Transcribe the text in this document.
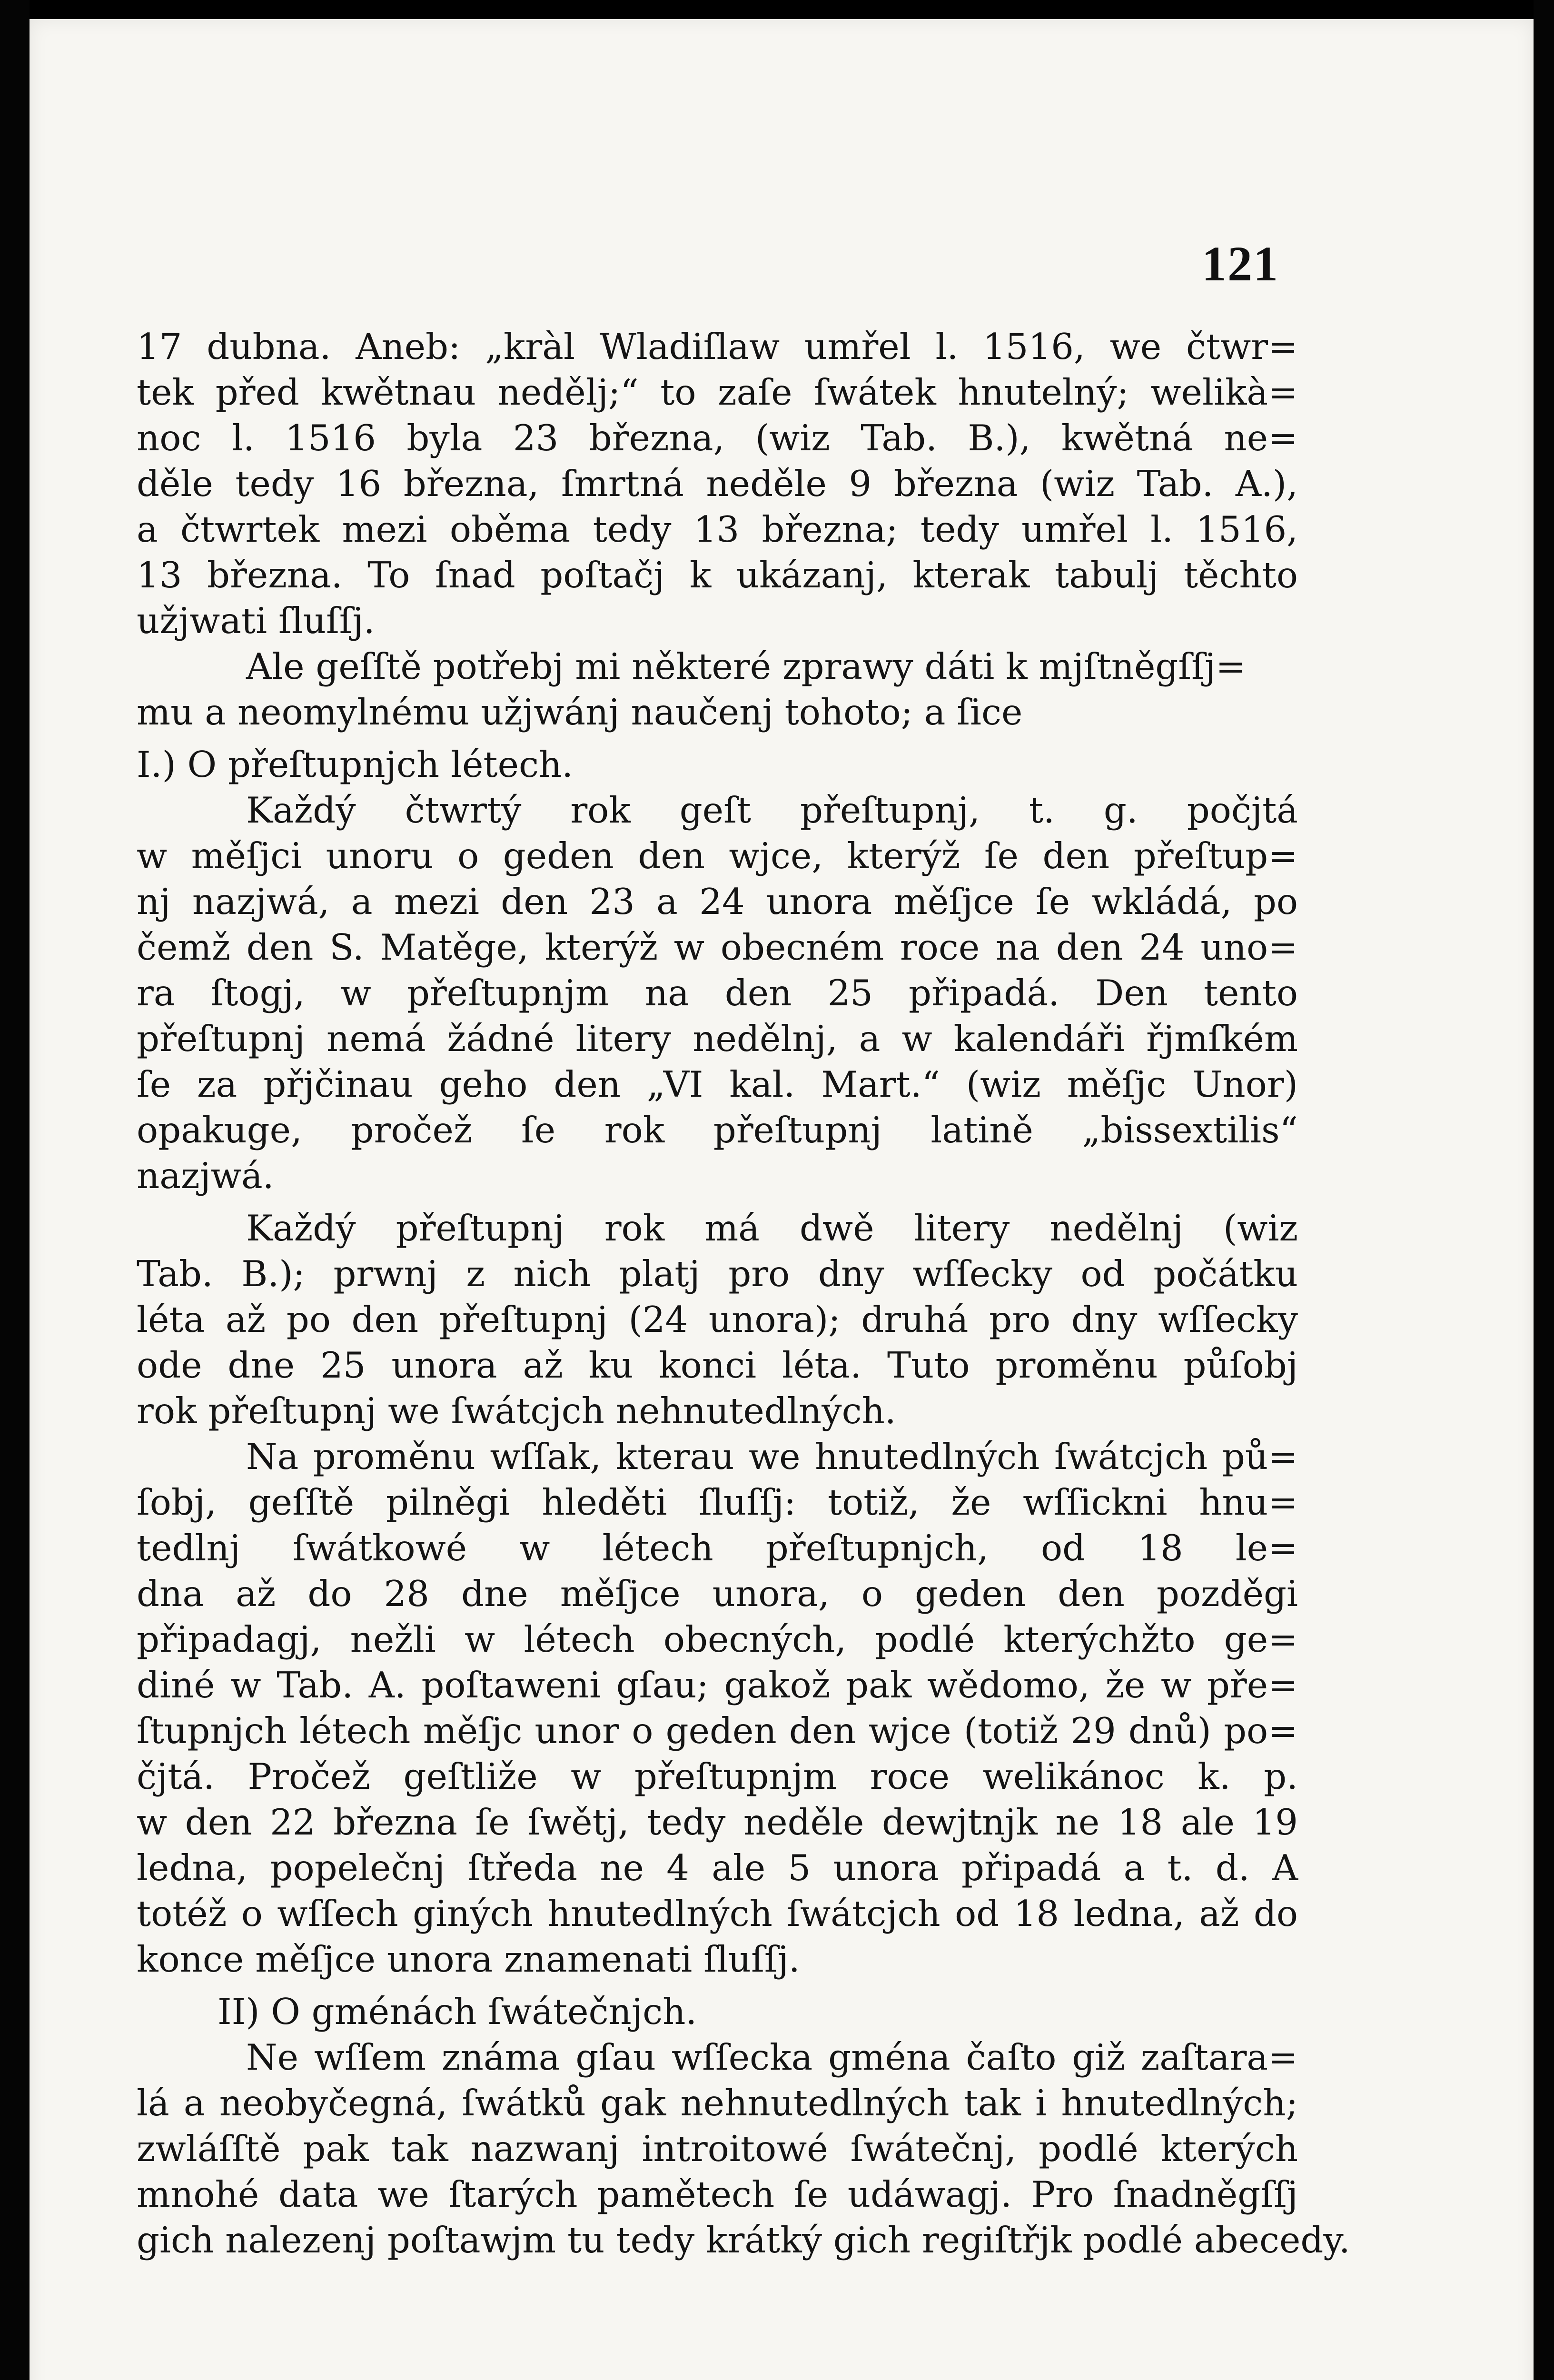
121
17 dubna. Aneb: „kràl Wladiſlaw umřel l. 1516, we čtwr=
tek před kwětnau nedělj;“ to zaſe ſwátek hnutelný; welikà=
noc l. 1516 byla 23 března, (wiz Tab. B.), kwětná ne=
děle tedy 16 března, ſmrtná neděle 9 března (wiz Tab. A.),
a čtwrtek mezi oběma tedy 13 března; tedy umřel l. 1516,
13 března. To ſnad poſtačj k ukázanj, kterak tabulj těchto
užjwati ſluſſj.
Ale geſſtě potřebj mi některé zprawy dáti k mjſtněgſſj=
mu a neomylnému užjwánj naučenj tohoto; a ſice
I.) O přeſtupnjch létech.
Každý čtwrtý rok geſt přeſtupnj, t. g. počjtá
w měſjci unoru o geden den wjce, kterýž ſe den přeſtup=
nj nazjwá, a mezi den 23 a 24 unora měſjce ſe wkládá, po
čemž den S. Matěge, kterýž w obecném roce na den 24 uno=
ra ſtogj, w přeſtupnjm na den 25 připadá. Den tento
přeſtupnj nemá žádné litery nedělnj, a w kalendáři řjmſkém
ſe za přjčinau geho den „VI kal. Mart.“ (wiz měſjc Unor)
opakuge, pročež ſe rok přeſtupnj latině „bissextilis“
nazjwá.
Každý přeſtupnj rok má dwě litery nedělnj (wiz
Tab. B.); prwnj z nich platj pro dny wſſecky od počátku
léta až po den přeſtupnj (24 unora); druhá pro dny wſſecky
ode dne 25 unora až ku konci léta. Tuto proměnu půſobj
rok přeſtupnj we ſwátcjch nehnutedlných.
Na proměnu wſſak, kterau we hnutedlných ſwátcjch pů=
ſobj, geſſtě pilněgi hleděti ſluſſj: totiž, že wſſickni hnu=
tedlnj ſwátkowé w létech přeſtupnjch, od 18 le=
dna až do 28 dne měſjce unora, o geden den pozděgi
připadagj, nežli w létech obecných, podlé kterýchžto ge=
diné w Tab. A. poſtaweni gſau; gakož pak wědomo, že w pře=
ſtupnjch létech měſjc unor o geden den wjce (totiž 29 dnů) po=
čjtá. Pročež geſtliže w přeſtupnjm roce welikánoc k. p.
w den 22 března ſe ſwětj, tedy neděle dewjtnjk ne 18 ale 19
ledna, popelečnj ſtředa ne 4 ale 5 unora připadá a t. d. A
totéž o wſſech giných hnutedlných ſwátcjch od 18 ledna, až do
konce měſjce unora znamenati ſluſſj.
II) O gménách ſwátečnjch.
Ne wſſem známa gſau wſſecka gména čaſto giž zaſtara=
lá a neobyčegná, ſwátků gak nehnutedlných tak i hnutedlných;
zwláſſtě pak tak nazwanj introitowé ſwátečnj, podlé kterých
mnohé data we ſtarých pamětech ſe udáwagj. Pro ſnadněgſſj
gich nalezenj poſtawjm tu tedy krátký gich regiſtřjk podlé abecedy.
